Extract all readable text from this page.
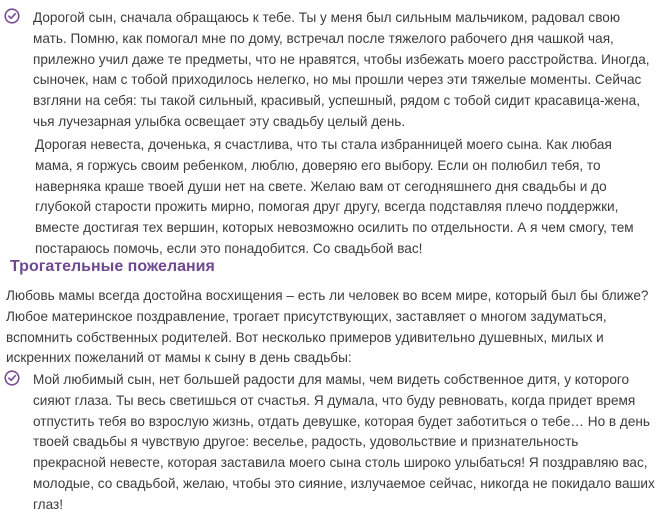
Дорогой сын, сначала обращаюсь к тебе. Ты у меня был сильным мальчиком, радовал свою мать. Помню, как помогал мне по дому, встречал после тяжелого рабочего дня чашкой чая, прилежно учил даже те предметы, что не нравятся, чтобы избежать моего расстройства. Иногда, сыночек, нам с тобой приходилось нелегко, но мы прошли через эти тяжелые моменты. Сейчас взгляни на себя: ты такой сильный, красивый, успешный, рядом с тобой сидит красавица-жена, чья лучезарная улыбка освещает эту свадьбу целый день.

Дорогая невеста, доченька, я счастлива, что ты стала избранницей моего сына. Как любая мама, я горжусь своим ребенком, люблю, доверяю его выбору. Если он полюбил тебя, то наверняка краше твоей души нет на свете. Желаю вам от сегодняшнего дня свадьбы и до глубокой старости прожить мирно, помогая друг другу, всегда подставляя плечо поддержки, вместе достигая тех вершин, которых невозможно осилить по отдельности. А я чем смогу, тем постараюсь помочь, если это понадобится. Со свадьбой вас!

Трогательные пожелания

Любовь мамы всегда достойна восхищения – есть ли человек во всем мире, который был бы ближе? Любое материнское поздравление, трогает присутствующих, заставляет о многом задуматься, вспомнить собственных родителей. Вот несколько примеров удивительно душевных, милых и искренних пожеланий от мамы к сыну в день свадьбы:

Мой любимый сын, нет большей радости для мамы, чем видеть собственное дитя, у которого сияют глаза. Ты весь светишься от счастья. Я думала, что буду ревновать, когда придет время отпустить тебя во взрослую жизнь, отдать девушке, которая будет заботиться о тебе… Но в день твоей свадьбы я чувствую другое: веселье, радость, удовольствие и признательность прекрасной невесте, которая заставила моего сына столь широко улыбаться! Я поздравляю вас, молодые, со свадьбой, желаю, чтобы это сияние, излучаемое сейчас, никогда не покидало ваших глаз!
